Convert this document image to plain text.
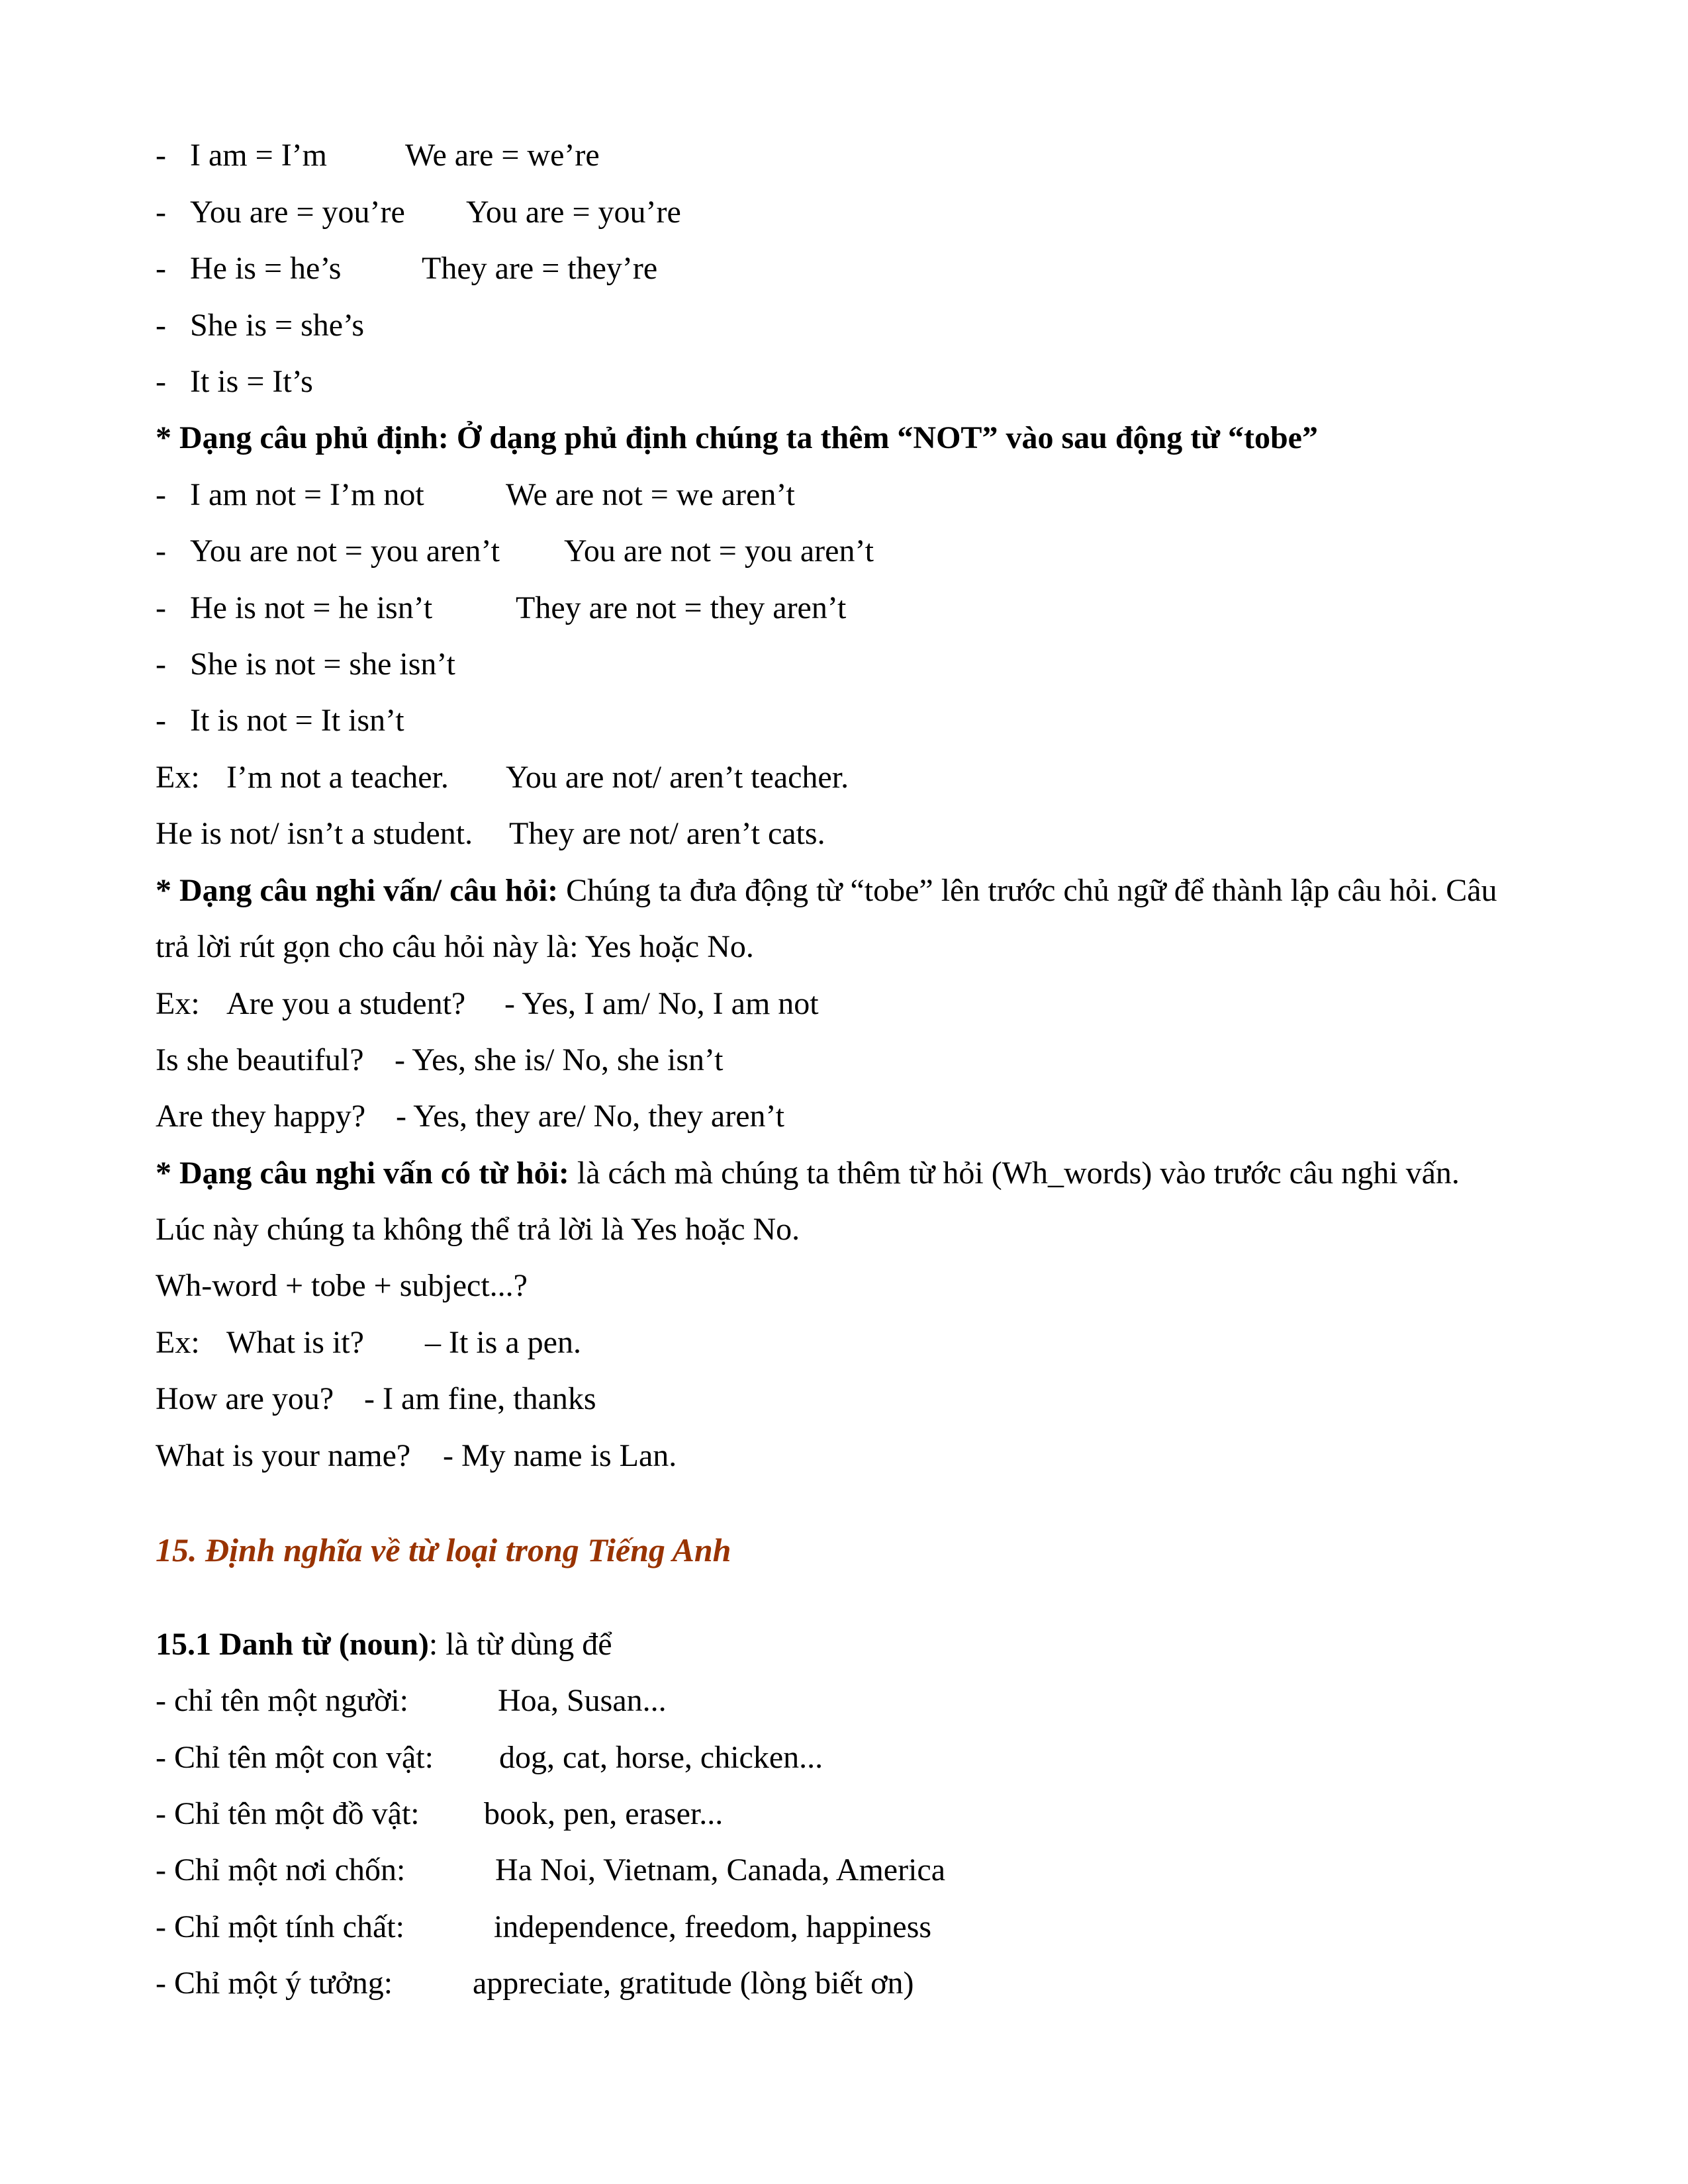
- I am = I’m We are = we’re
- You are = you’re You are = you’re
- He is = he’s	They are = they’re
- She is = she’s
- It is = It’s
* Dạng câu phủ định: Ở dạng phủ định chúng ta thêm “NOT” vào sau động từ “tobe”
- I am not = I’m not	We are not = we aren’t
- You are not = you aren’t You are not = you aren’t
- He is not = he isn’t	They are not = they aren’t
- She is not = she isn’t
- It is not = It isn’t
Ex: I’m not a teacher. You are not/ aren’t teacher.
He is not/ isn’t a student. They are not/ aren’t cats.
* Dạng câu nghi vấn/ câu hỏi: Chúng ta đưa động từ “tobe” lên trước chủ ngữ để thành lập câu hỏi. Câu
trả lời rút gọn cho câu hỏi này là: Yes hoặc No.
Ex: Are you a student? - Yes, I am/ No, I am not
Is she beautiful? - Yes, she is/ No, she isn’t
Are they happy? - Yes, they are/ No, they aren’t
* Dạng câu nghi vấn có từ hỏi: là cách mà chúng ta thêm từ hỏi (Wh_words) vào trước câu nghi vấn.
Lúc này chúng ta không thể trả lời là Yes hoặc No.
Wh-word + tobe + subject...?
Ex: What is it? – It is a pen.
How are you? - I am fine, thanks
What is your name? - My name is Lan.
15. Định nghĩa về từ loại trong Tiếng Anh
15.1 Danh từ (noun): là từ dùng để
- chỉ tên một người:	Hoa, Susan...
- Chỉ tên một con vật: dog, cat, horse, chicken...
- Chỉ tên một đồ vật: book, pen, eraser...
- Chỉ một nơi chốn:	Ha Noi, Vietnam, Canada, America
- Chỉ một tính chất:	independence, freedom, happiness
- Chỉ một ý tưởng:	appreciate, gratitude (lòng biết ơn)
